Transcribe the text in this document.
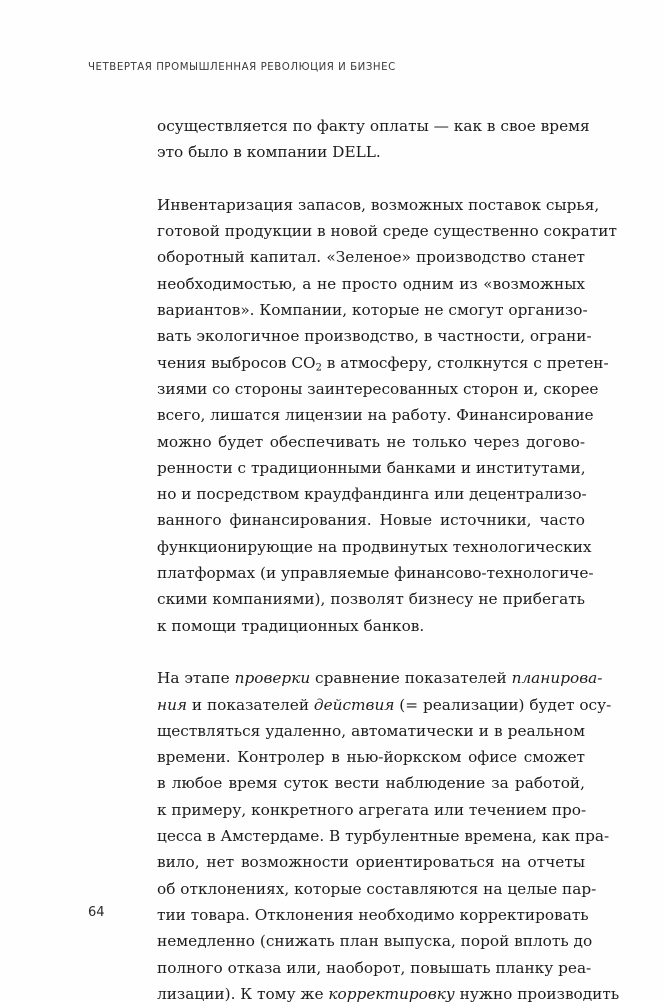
ЧЕТВЕРТАЯ ПРОМЫШЛЕННАЯ РЕВОЛЮЦИЯ И БИЗНЕС
осуществляется по факту оплаты — как в свое время
это было в компании DELL.
Инвентаризация запасов, возможных поставок сырья,
готовой продукции в новой среде существенно сократит
оборотный капитал. «Зеленое» производство станет
необходимостью, а не просто одним из «возможных
вариантов». Компании, которые не смогут организо-
вать экологичное производство, в частности, ограни-
чения выбросов $CO_2$ в атмосферу, столкнутся с претен-
зиями со стороны заинтересованных сторон и, скорее
всего, лишатся лицензии на работу. Финансирование
можно будет обеспечивать не только через догово-
ренности с традиционными банками и институтами,
но и посредством краудфандинга или децентрализо-
ванного финансирования. Новые источники, часто
функционирующие на продвинутых технологических
платформах (и управляемые финансово-технологиче-
скими компаниями), позволят бизнесу не прибегать
к помощи традиционных банков.
На этапе проверки сравнение показателей планирова-
ния и показателей действия (= реализации) будет осу-
ществляться удаленно, автоматически и в реальном
времени. Контролер в нью-йоркском офисе сможет
в любое время суток вести наблюдение за работой,
к примеру, конкретного агрегата или течением про-
цесса в Амстердаме. В турбулентные времена, как пра-
вило, нет возможности ориентироваться на отчеты
об отклонениях, которые составляются на целые пар-
тии товара. Отклонения необходимо корректировать
немедленно (снижать план выпуска, порой вплоть до
полного отказа или, наоборот, повышать планку реа-
лизации). К тому же корректировку нужно производить
64
